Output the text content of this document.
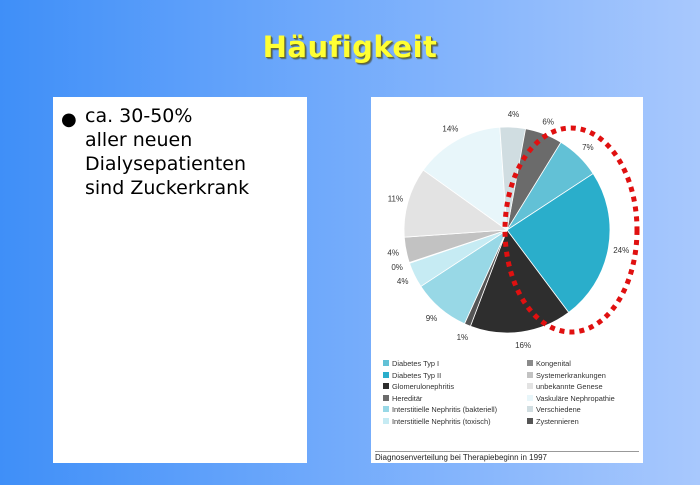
Häufigkeit
● ca. 30-50%
aller neuen
Dialysepatienten
sind Zuckerkrank
6%
7%
24%
16%
1%
9%
4%
0%
4%
11%
14%
4%
Diabetes Typ I	Kongenital
Diabetes Typ II	Systemerkrankungen
Glomerulonephritis	unbekannte Genese
Hereditär	Vaskuläre Nephropathie
Interstitielle Nephritis (bakteriell)	Verschiedene
Interstitielle Nephritis (toxisch)	Zystennieren
Diagnosenverteilung bei Therapiebeginn in 1997
